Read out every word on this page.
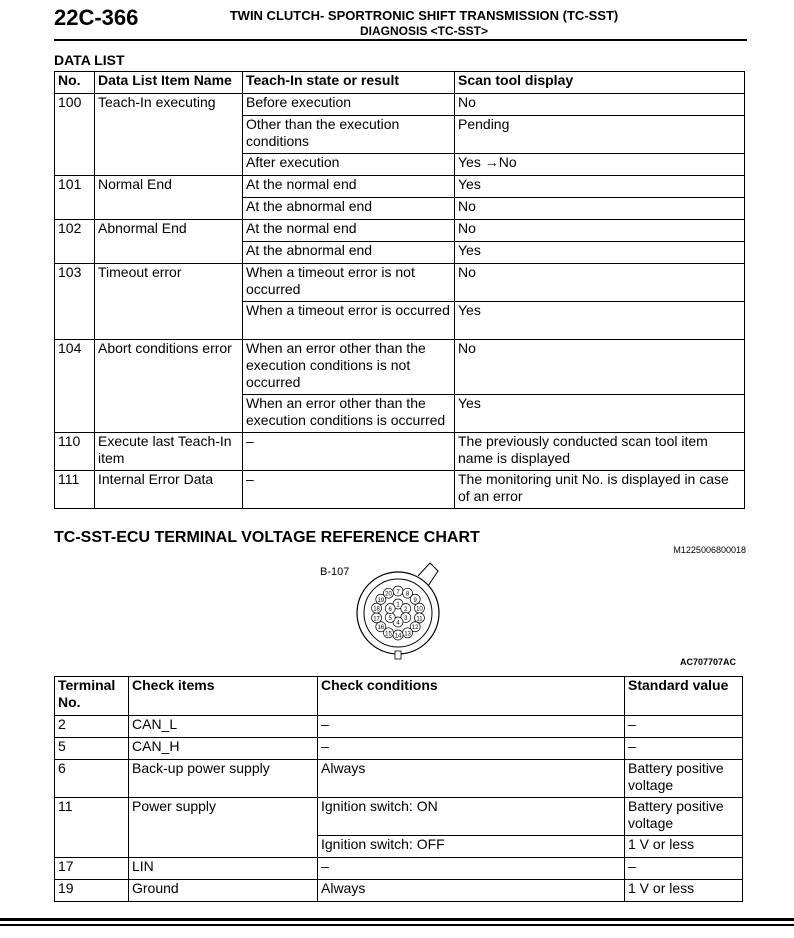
22C-366	TWIN CLUTCH- SPORTRONIC SHIFT TRANSMISSION (TC-SST)
DIAGNOSIS <TC-SST>
DATA LIST
No.	Data List Item Name	Teach-In state or result	Scan tool display
100	Teach-In executing	Before execution	No
		Other than the execution conditions	Pending
		After execution	Yes →No
101	Normal End	At the normal end	Yes
		At the abnormal end	No
102	Abnormal End	At the normal end	No
		At the abnormal end	Yes
103	Timeout error	When a timeout error is not occurred	No
		When a timeout error is occurred	Yes
104	Abort conditions error	When an error other than the execution conditions is not occurred	No
		When an error other than the execution conditions is occurred	Yes
110	Execute last Teach-In item	–	The previously conducted scan tool item name is displayed
111	Internal Error Data	–	The monitoring unit No. is displayed in case of an error
TC-SST-ECU TERMINAL VOLTAGE REFERENCE CHART
M1225006800018
B-107
1
2
3
4
5
6
7 8
9
10
11
12
13
14
15
16
17
18
19
20
AC707707AC
Terminal No.	Check items	Check conditions	Standard value
2	CAN_L	–	–
5	CAN_H	–	–
6	Back-up power supply	Always	Battery positive voltage
11	Power supply	Ignition switch: ON	Battery positive voltage
		Ignition switch: OFF	1 V or less
17	LIN	–	–
19	Ground	Always	1 V or less
